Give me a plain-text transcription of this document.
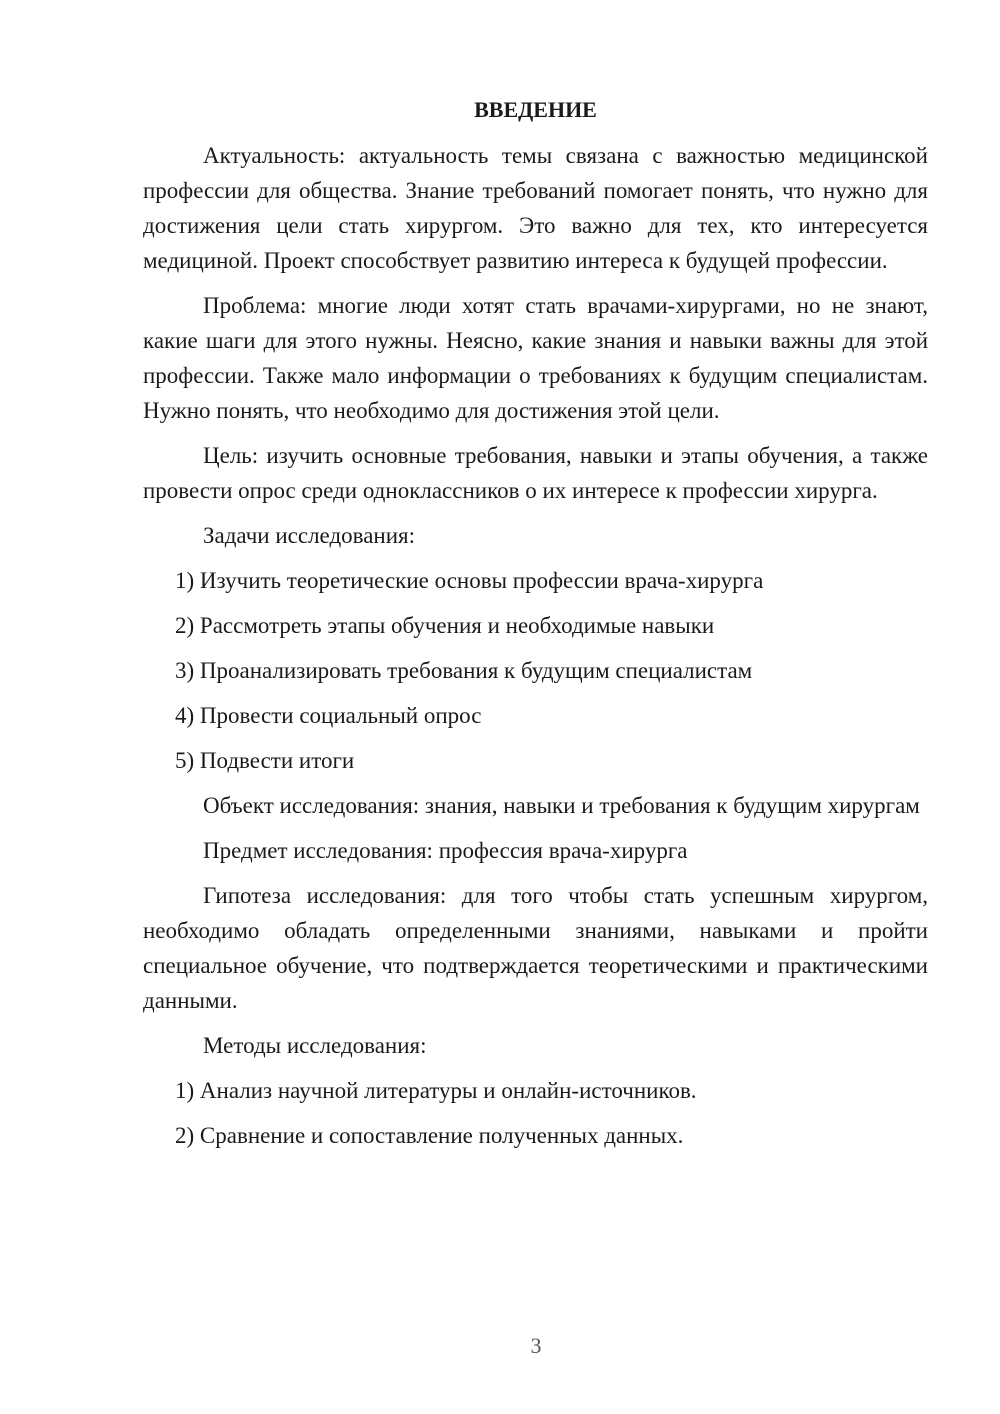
ВВЕДЕНИЕ

Актуальность: актуальность темы связана с важностью медицинской профессии для общества. Знание требований помогает понять, что нужно для достижения цели стать хирургом. Это важно для тех, кто интересуется медициной. Проект способствует развитию интереса к будущей профессии.

Проблема: многие люди хотят стать врачами-хирургами, но не знают, какие шаги для этого нужны. Неясно, какие знания и навыки важны для этой профессии. Также мало информации о требованиях к будущим специалистам. Нужно понять, что необходимо для достижения этой цели.

Цель: изучить основные требования, навыки и этапы обучения, а также провести опрос среди одноклассников о их интересе к профессии хирурга.

Задачи исследования:

1) Изучить теоретические основы профессии врача-хирурга
2) Рассмотреть этапы обучения и необходимые навыки
3) Проанализировать требования к будущим специалистам
4) Провести социальный опрос
5) Подвести итоги

Объект исследования: знания, навыки и требования к будущим хирургам

Предмет исследования: профессия врача-хирурга

Гипотеза исследования: для того чтобы стать успешным хирургом, необходимо обладать определенными знаниями, навыками и пройти специальное обучение, что подтверждается теоретическими и практическими данными.

Методы исследования:

1) Анализ научной литературы и онлайн-источников.
2) Сравнение и сопоставление полученных данных.
3
